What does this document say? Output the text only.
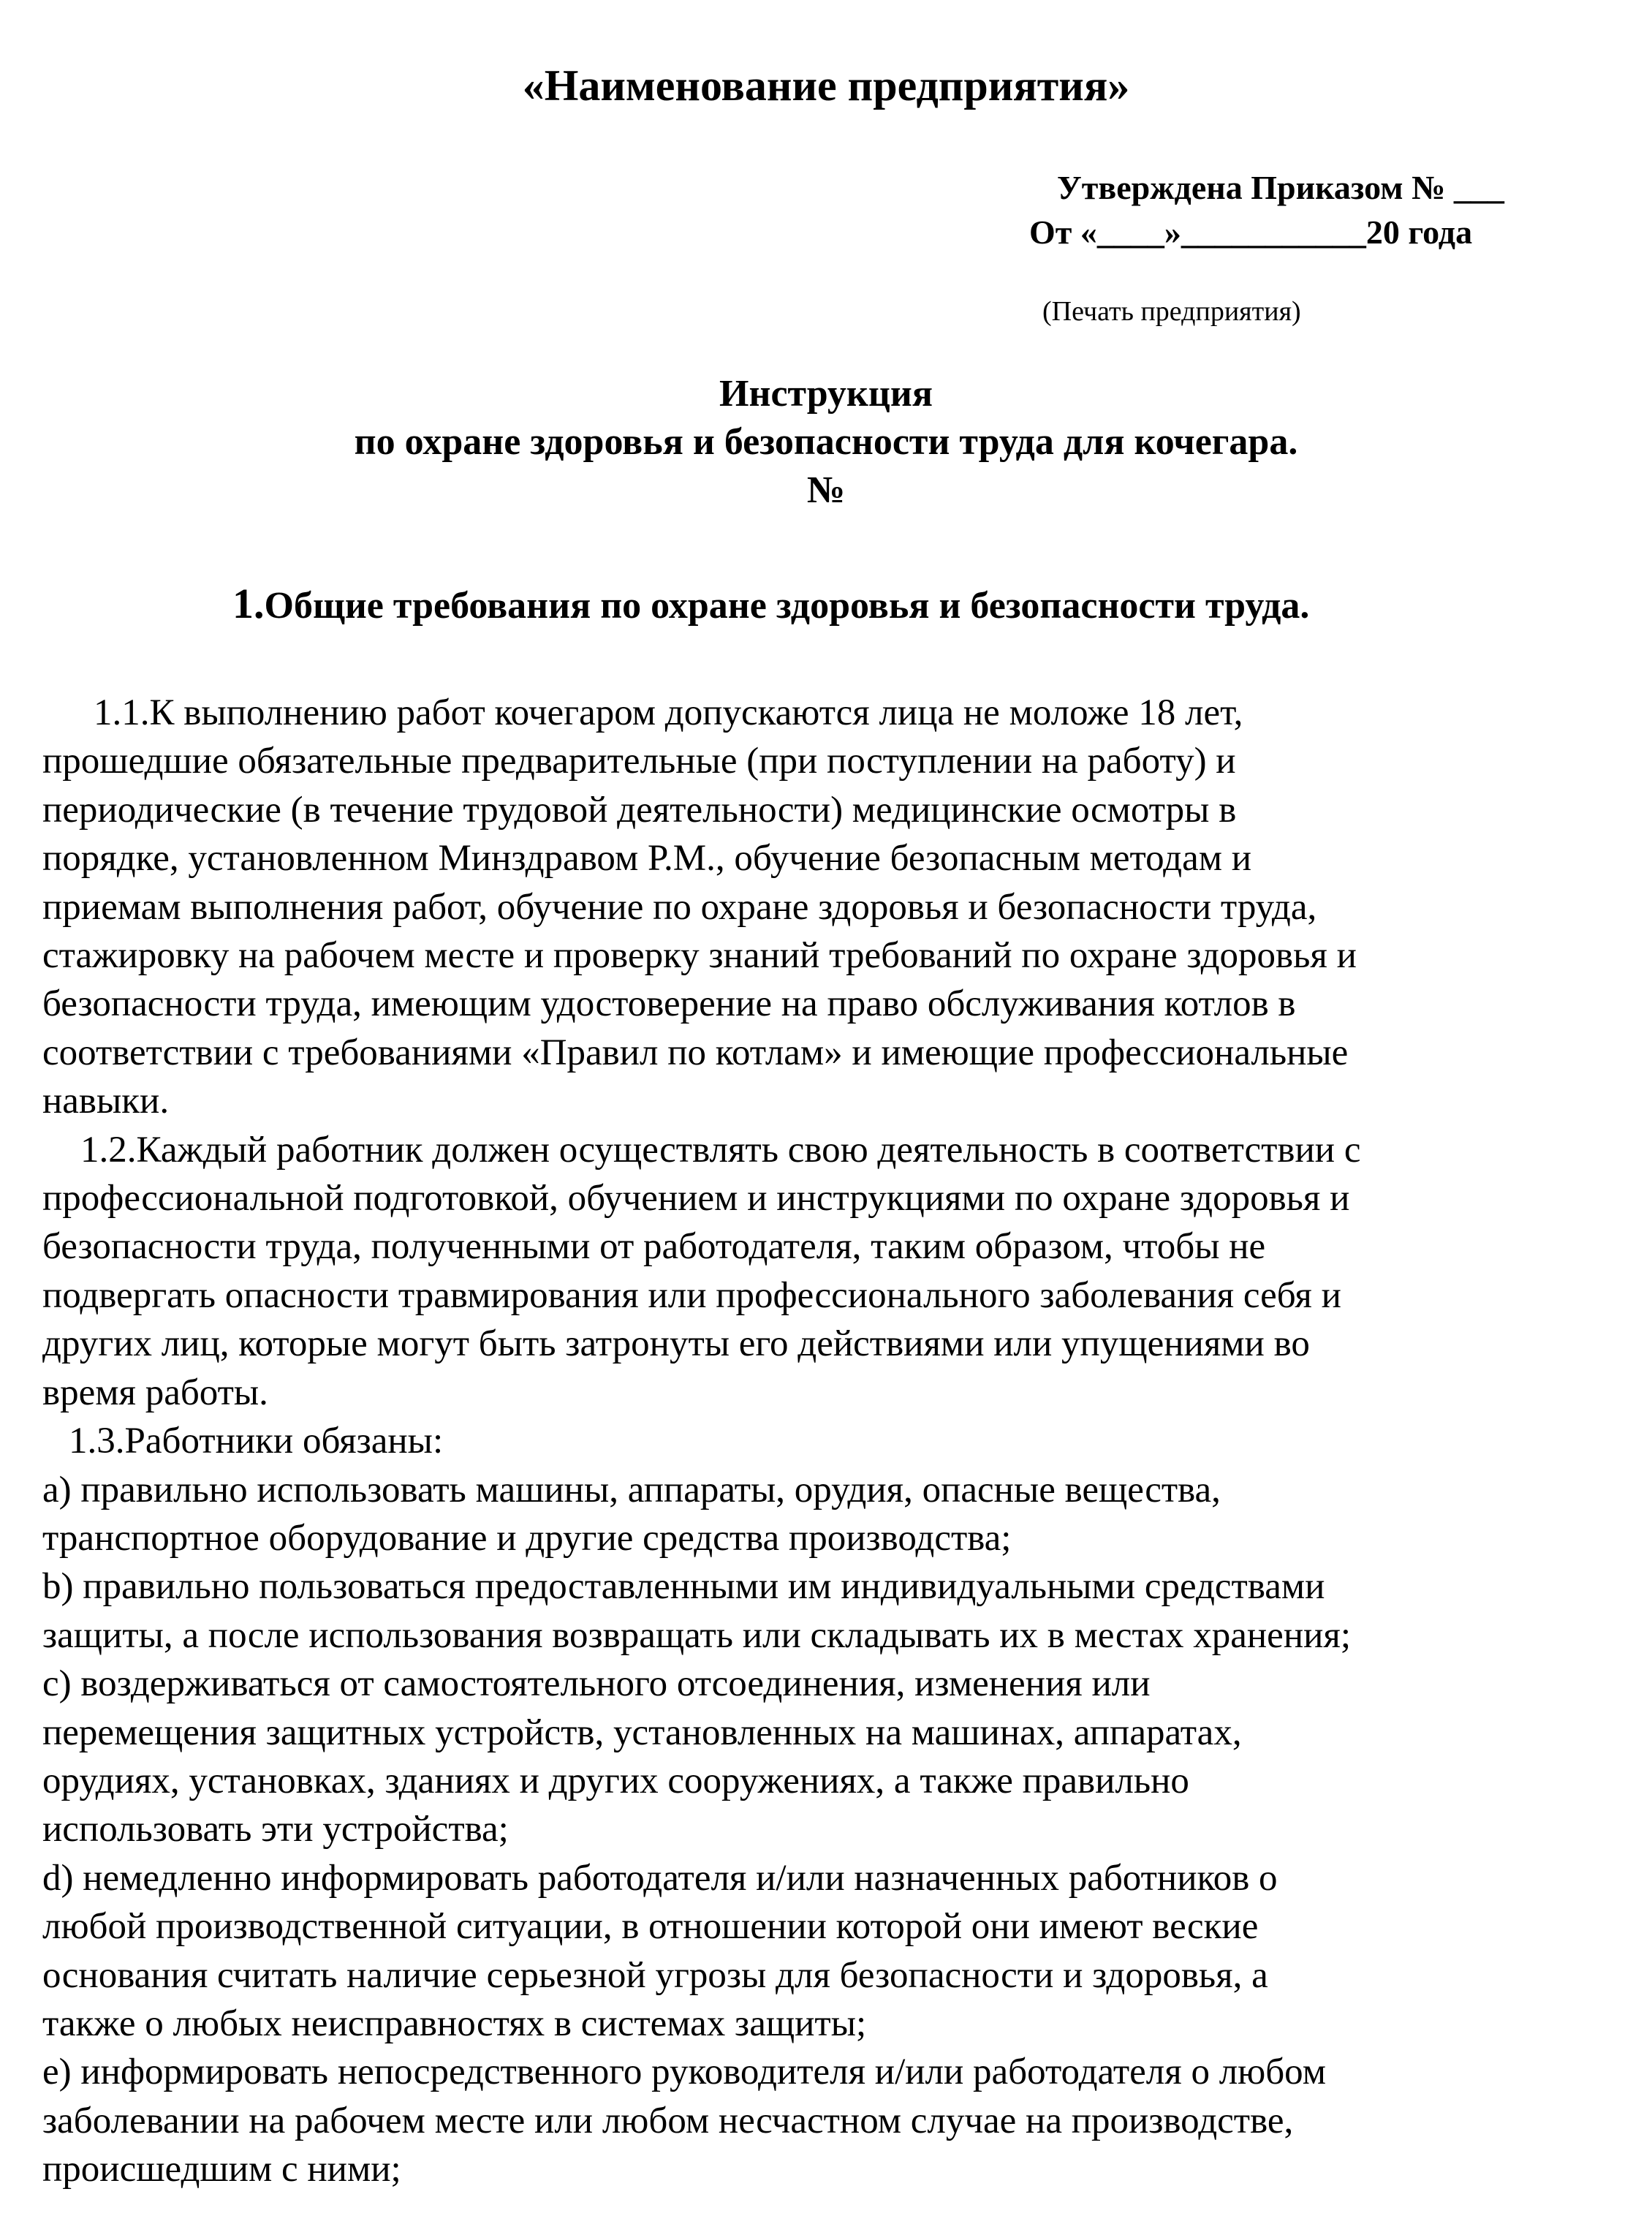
«Наименование предприятия»
Утверждена Приказом № ___
От «____»___________20 года
(Печать предприятия)
Инструкция
по охране здоровья и безопасности труда для кочегара.
№
1.Общие требования по охране здоровья и безопасности труда.
1.1.К выполнению работ кочегаром допускаются лица не моложе 18 лет,
прошедшие обязательные предварительные (при поступлении на работу) и
периодические (в течение трудовой деятельности) медицинские осмотры в
порядке, установленном Минздравом Р.М., обучение безопасным методам и
приемам выполнения работ, обучение по охране здоровья и безопасности труда,
стажировку на рабочем месте и проверку знаний требований по охране здоровья и
безопасности труда, имеющим удостоверение на право обслуживания котлов в
соответствии с требованиями «Правил по котлам» и имеющие профессиональные
навыки.
1.2.Каждый работник должен осуществлять свою деятельность в соответствии с
профессиональной подготовкой, обучением и инструкциями по охране здоровья и
безопасности труда, полученными от работодателя, таким образом, чтобы не
подвергать опасности травмирования или профессионального заболевания себя и
других лиц, которые могут быть затронуты его действиями или упущениями во
время работы.
1.3.Работники обязаны:
a) правильно использовать машины, аппараты, орудия, опасные вещества,
транспортное оборудование и другие средства производства;
b) правильно пользоваться предоставленными им индивидуальными средствами
защиты, а после использования возвращать или складывать их в местах хранения;
c) воздерживаться от самостоятельного отсоединения, изменения или
перемещения защитных устройств, установленных на машинах, аппаратах,
орудиях, установках, зданиях и других сооружениях, а также правильно
использовать эти устройства;
d) немедленно информировать работодателя и/или назначенных работников о
любой производственной ситуации, в отношении которой они имеют веские
основания считать наличие серьезной угрозы для безопасности и здоровья, а
также о любых неисправностях в системах защиты;
e) информировать непосредственного руководителя и/или работодателя о любом
заболевании на рабочем месте или любом несчастном случае на производстве,
происшедшим с ними;
